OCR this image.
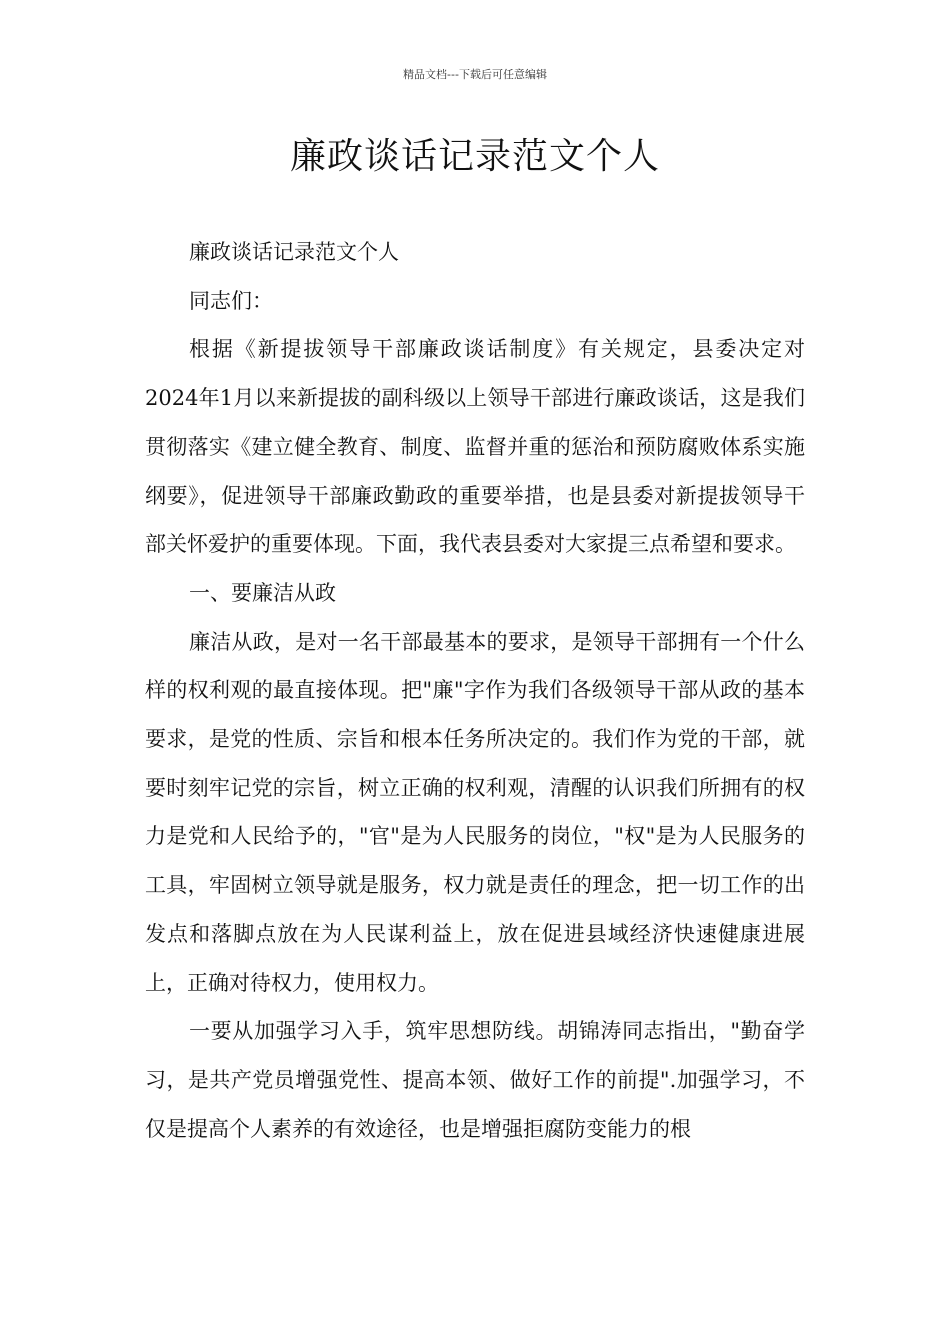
精品文档---下载后可任意编辑
廉政谈话记录范文个人

廉政谈话记录范文个人

同志们：

根据《新提拔领导干部廉政谈话制度》有关规定，县委决定对2024年1月以来新提拔的副科级以上领导干部进行廉政谈话，这是我们贯彻落实《建立健全教育、制度、监督并重的惩治和预防腐败体系实施纲要》，促进领导干部廉政勤政的重要举措，也是县委对新提拔领导干部关怀爱护的重要体现。下面，我代表县委对大家提三点希望和要求。

一、要廉洁从政

廉洁从政，是对一名干部最基本的要求，是领导干部拥有一个什么样的权利观的最直接体现。把"廉"字作为我们各级领导干部从政的基本要求，是党的性质、宗旨和根本任务所决定的。我们作为党的干部，就要时刻牢记党的宗旨，树立正确的权利观，清醒的认识我们所拥有的权力是党和人民给予的，"官"是为人民服务的岗位，"权"是为人民服务的工具，牢固树立领导就是服务，权力就是责任的理念，把一切工作的出发点和落脚点放在为人民谋利益上，放在促进县域经济快速健康进展上，正确对待权力，使用权力。

一要从加强学习入手，筑牢思想防线。胡锦涛同志指出，"勤奋学习，是共产党员增强党性、提高本领、做好工作的前提".加强学习，不仅是提高个人素养的有效途径，也是增强拒腐防变能力的根
